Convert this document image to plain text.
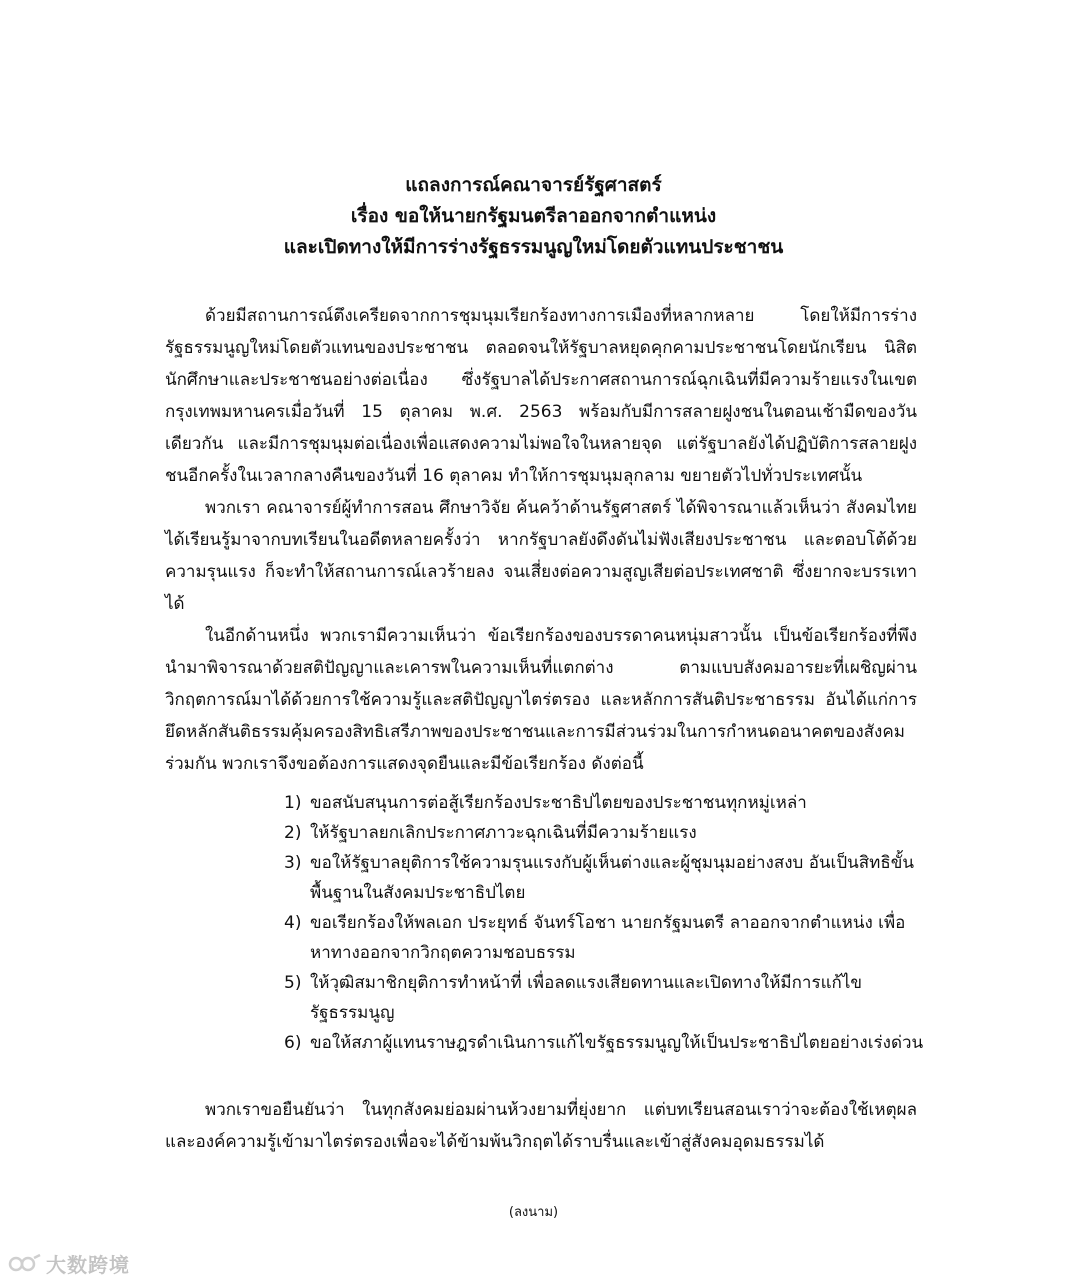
แถลงการณ์คณาจารย์รัฐศาสตร์
เรื่อง ขอให้นายกรัฐมนตรีลาออกจากตำแหน่ง
และเปิดทางให้มีการร่างรัฐธรรมนูญใหม่โดยตัวแทนประชาชน

ด้วยมีสถานการณ์ตึงเครียดจากการชุมนุมเรียกร้องทางการเมืองที่หลากหลาย โดยให้มีการร่างรัฐธรรมนูญใหม่โดยตัวแทนของประชาชน ตลอดจนให้รัฐบาลหยุดคุกคามประชาชนโดยนักเรียน นิสิต นักศึกษาและประชาชนอย่างต่อเนื่อง ซึ่งรัฐบาลได้ประกาศสถานการณ์ฉุกเฉินที่มีความร้ายแรงในเขตกรุงเทพมหานครเมื่อวันที่ 15 ตุลาคม พ.ศ. 2563 พร้อมกับมีการสลายฝูงชนในตอนเช้ามืดของวันเดียวกัน และมีการชุมนุมต่อเนื่องเพื่อแสดงความไม่พอใจในหลายจุด แต่รัฐบาลยังได้ปฏิบัติการสลายฝูงชนอีกครั้งในเวลากลางคืนของวันที่ 16 ตุลาคม ทำให้การชุมนุมลุกลาม ขยายตัวไปทั่วประเทศนั้น

พวกเรา คณาจารย์ผู้ทำการสอน ศึกษาวิจัย ค้นคว้าด้านรัฐศาสตร์ ได้พิจารณาแล้วเห็นว่า สังคมไทยได้เรียนรู้มาจากบทเรียนในอดีตหลายครั้งว่า หากรัฐบาลยังดึงดันไม่ฟังเสียงประชาชน และตอบโต้ด้วยความรุนแรง ก็จะทำให้สถานการณ์เลวร้ายลง จนเสี่ยงต่อความสูญเสียต่อประเทศชาติ ซึ่งยากจะบรรเทาได้

ในอีกด้านหนึ่ง พวกเรามีความเห็นว่า ข้อเรียกร้องของบรรดาคนหนุ่มสาวนั้น เป็นข้อเรียกร้องที่พึงนำมาพิจารณาด้วยสติปัญญาและเคารพในความเห็นที่แตกต่าง ตามแบบสังคมอารยะที่เผชิญผ่านวิกฤตการณ์มาได้ด้วยการใช้ความรู้และสติปัญญาไตร่ตรอง และหลักการสันติประชาธรรม อันได้แก่การยึดหลักสันติธรรมคุ้มครองสิทธิเสรีภาพของประชาชนและการมีส่วนร่วมในการกำหนดอนาคตของสังคมร่วมกัน พวกเราจึงขอต้องการแสดงจุดยืนและมีข้อเรียกร้อง ดังต่อนี้

1) ขอสนับสนุนการต่อสู้เรียกร้องประชาธิปไตยของประชาชนทุกหมู่เหล่า
2) ให้รัฐบาลยกเลิกประกาศภาวะฉุกเฉินที่มีความร้ายแรง
3) ขอให้รัฐบาลยุติการใช้ความรุนแรงกับผู้เห็นต่างและผู้ชุมนุมอย่างสงบ อันเป็นสิทธิขั้นพื้นฐานในสังคมประชาธิปไตย
4) ขอเรียกร้องให้พลเอก ประยุทธ์ จันทร์โอชา นายกรัฐมนตรี ลาออกจากตำแหน่ง เพื่อหาทางออกจากวิกฤตความชอบธรรม
5) ให้วุฒิสมาชิกยุติการทำหน้าที่ เพื่อลดแรงเสียดทานและเปิดทางให้มีการแก้ไขรัฐธรรมนูญ
6) ขอให้สภาผู้แทนราษฎรดำเนินการแก้ไขรัฐธรรมนูญให้เป็นประชาธิปไตยอย่างเร่งด่วน

พวกเราขอยืนยันว่า ในทุกสังคมย่อมผ่านห้วงยามที่ยุ่งยาก แต่บทเรียนสอนเราว่าจะต้องใช้เหตุผลและองค์ความรู้เข้ามาไตร่ตรองเพื่อจะได้ข้ามพ้นวิกฤตได้ราบรื่นและเข้าสู่สังคมอุดมธรรมได้

(ลงนาม)
大数跨境
